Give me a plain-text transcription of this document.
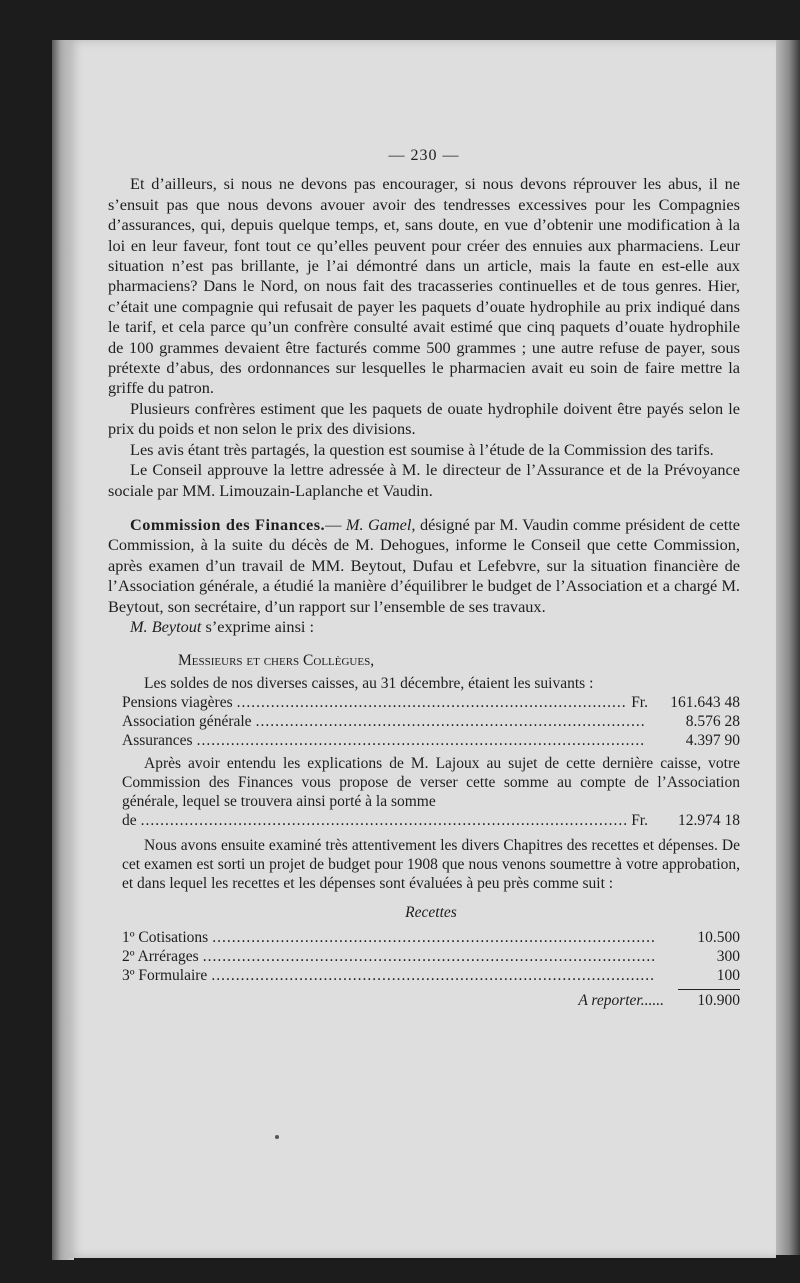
— 230 —

Et d’ailleurs, si nous ne devons pas encourager, si nous devons réprouver les abus, il ne s’ensuit pas que nous devons avouer avoir des tendresses excessives pour les Compagnies d’assurances, qui, depuis quelque temps, et, sans doute, en vue d’obtenir une modification à la loi en leur faveur, font tout ce qu’elles peuvent pour créer des ennuies aux pharmaciens. Leur situation n’est pas brillante, je l’ai démontré dans un article, mais la faute en est-elle aux pharmaciens? Dans le Nord, on nous fait des tracasseries continuelles et de tous genres. Hier, c’était une compagnie qui refusait de payer les paquets d’ouate hydrophile au prix indiqué dans le tarif, et cela parce qu’un confrère consulté avait estimé que cinq paquets d’ouate hydrophile de 100 grammes devaient être facturés comme 500 grammes ; une autre refuse de payer, sous prétexte d’abus, des ordonnances sur lesquelles le pharmacien avait eu soin de faire mettre la griffe du patron.

Plusieurs confrères estiment que les paquets de ouate hydrophile doivent être payés selon le prix du poids et non selon le prix des divisions.

Les avis étant très partagés, la question est soumise à l’étude de la Commission des tarifs.

Le Conseil approuve la lettre adressée à M. le directeur de l’Assurance et de la Prévoyance sociale par MM. Limouzain-Laplanche et Vaudin.

Commission des Finances.— M. Gamel, désigné par M. Vaudin comme président de cette Commission, à la suite du décès de M. Dehogues, informe le Conseil que cette Commission, après examen d’un travail de MM. Beytout, Dufau et Lefebvre, sur la situation financière de l’Association générale, a étudié la manière d’équilibrer le budget de l’Association et a chargé M. Beytout, son secrétaire, d’un rapport sur l’ensemble de ses travaux.

M. Beytout s’exprime ainsi :

Messieurs et chers Collègues,

Les soldes de nos diverses caisses, au 31 décembre, étaient les suivants :

Pensions viagères .....	Fr.	161.643 48
Association générale .....	8.576 28
Assurances .....	4.397 90

Après avoir entendu les explications de M. Lajoux au sujet de cette dernière caisse, votre Commission des Finances vous propose de verser cette somme au compte de l’Association générale, lequel se trouvera ainsi porté à la somme

de .....	Fr.	12.974 18

Nous avons ensuite examiné très attentivement les divers Chapitres des recettes et dépenses. De cet examen est sorti un projet de budget pour 1908 que nous venons soumettre à votre approbation, et dans lequel les recettes et les dépenses sont évaluées à peu près comme suit :

Recettes
1º Cotisations .....	10.500
2º Arrérages .....	300
3º Formulaire .....	100
A reporter......	10.900
